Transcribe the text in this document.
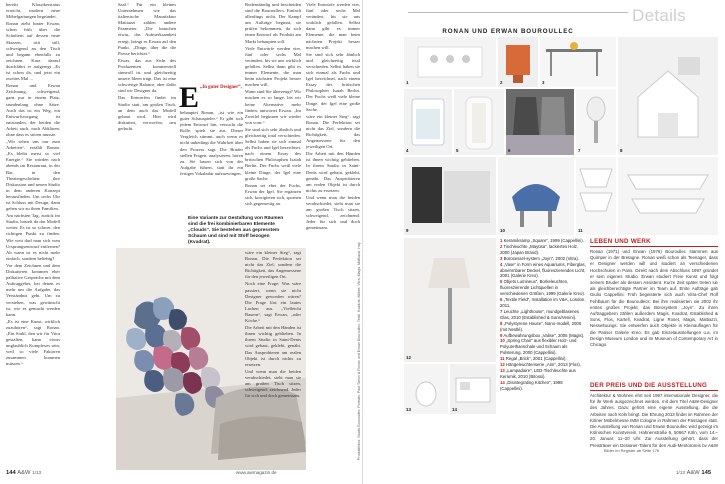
bereits Klassikerstatus erreicht, modern neue Möbelgattungen begründet.

Ronan zieht hinter Erwan, schon früh über die Schultern auf dessen neue Skizzen, tritt still, schweigend an den Tisch und begann ebenfalls zu zeichnen. Kurz darauf durchfährt er aufgeregt „Es ist schon da, und jetzt ein zweites Mal ...

Ronan und Erwan Zeichnung, schweigend, ganz pur in einem Platz, stundenlang ohne Sätze. Auch das ist ein Weg, ein Entwurfsvorgang ist entstanden, der beiden die Arbeit auch, nach Abklären, ohne dass es stören musste.

„Wir sehen uns nur zum Arbeiten“, erzählt Ronan. „Es bleibt meist so viel Energie.“ Sie würden nach abends im Restaurant, in der Bar, in den Theatergeschehen: ihre Diskussion und neuen Studio in dem anderen Konzept herausfinden. Um sechs Uhr ist Schluss mit Design, dann gehen wir zu ihren Familien.

Am nächsten Tag, zurück im Studio, bastelt da das Modell weiter. Es ist so schwer, den richtigen Punkt zu finden. Wie weit darf man sich vom Ursprungsentwurf entfernen? Ab wann ist es nicht mehr einfach, sondern beliebig?

Vor dem Zeichnen und dem Diskutieren kommen eher palliative Gespräche mit dem Auftraggeber, bei denen es mehr um die Aufgabe, das Verständnis geht. Um zu verstehen, was gewünscht ist, wie es gemacht werden kann.

„Es ist eine Kunst, wirklich zuzuhören“, sagt Ronan. „Ein Stuhl, den wir für Vitra gestalten, kann etwas unglaublich Komplexes sein, weil so viele Faktoren zusammen kommen müssen.“

Saal.“ Für ein kleines Unternehmen wie das italienische Manufaktur Mattiazzi zählen andere Parameter. „Die brauchen etwas, das Aufmerksamkeit erregt, bringt es Erwan auf den Punkt. „Dinge, über die die Presse berichtet.“

Etwas, das aus Sicht des Produzenten kommerziell sinnvoll ist und gleichzeitig unsere Ideen trägt. Das ist eine schwierige Balance, aber dafür sind wir Designer da.

Das Entwerfen findet im Studio statt, am großen Tisch, an dem auch das Modell gebaut wird. Hier wird diskutiert, verworfen, neu gedacht.

E „In guter Designer“,

behauptet Ronan, „ist wie ein guter Schauspieler.“ Er gibt sich jedem Entwurf hin, versucht die Rolle, spielt sie aus. Dieser Vergleich stimmt, auch wenn es nicht unbedingt die Wahrheit über den Prozess sagt. Die Brüder stellen Fragen, analysieren, hören zu. Sie lassen sich von der Aufgabe führen, statt ihr ein fertiges Vokabular aufzuzwingen.

Eine Variante zur Gestaltung von Räumen sind die frei kombinierbaren Elemente „Clouds“. Sie bestehen aus gepresstem Schaum und sind mit Stoff bezogen (Kvadrat).

Bodenständig und bescheiden sind die Bouroullecs. Einfach allerdings nicht. Der Kampf um Aufträge beginnt, sie prüfen bekommen, da sich einen Entwurf als Produkt am Markt behaupten soll.

Viele Entwürfe werden vier, fünf oder sechs Mal verändert, bis sie uns wirklich gefallen. Selbst dann gibt es immer Elemente, die man beim nächsten Projekt besser machen will.

Wann sind Sie überzeugt? Wir machen es so lange, bis wir keine Alternative mehr finden, antwortet Erwan. „Im Zweifel beginnen wir wieder von vorn.“

Sie sind sich sehr ähnlich und gleichzeitig total verschieden. Selbst haben sie sich einmal als Fuchs und Igel bezeichnet, nach einem Essay des britischen Philosophen Isaiah Berlin. Der Fuchs weiß viele kleine Dinge, der Igel eine große Sache.

Ronan sei eher der Fuchs, Erwan der Igel. Sie ergänzen sich, korrigieren sich, spornen sich gegenseitig an.

wäre ein kleiner Sieg“, sagt Ronan. Die Perfektion sei nicht das Ziel, sondern die Richtigkeit, das Angemessene für den jeweiligen Ort.

Noch eine Frage: Was wäre passiert, wenn sie nicht Designer geworden wären? Die Frage löst ein lautes Lachen aus. „Vielleicht Bauern“, sagt Erwan, „oder Köche.“

Die Arbeit mit den Händen ist ihnen wichtig geblieben. In ihrem Studio in Saint-Denis wird gebaut, geklebt, genäht. Das Ausprobieren am realen Objekt ist durch nichts zu ersetzen.

Und wenn man die beiden verabschiedet, sieht man sie am großen Tisch sitzen, schweigend, zeichnend. Jeder für sich und doch gemeinsam.

Viele Entwürfe werden vier, fünf oder sechs Mal verändert, bis sie uns wirklich gefallen. Selbst dann gibt es immer Elemente, die man beim nächsten Projekt besser machen will.

Sie sind sich sehr ähnlich und gleichzeitig total verschieden. Selbst haben sie sich einmal als Fuchs und Igel bezeichnet, nach einem Essay des britischen Philosophen Isaiah Berlin. Der Fuchs weiß viele kleine Dinge, der Igel eine große Sache.

wäre ein kleiner Sieg“, sagt Ronan. Die Perfektion sei nicht das Ziel, sondern die Richtigkeit, das Angemessene für den jeweiligen Ort.

Die Arbeit mit den Händen ist ihnen wichtig geblieben. In ihrem Studio in Saint-Denis wird gebaut, geklebt, genäht. Das Ausprobieren am realen Objekt ist durch nichts zu ersetzen.

Und wenn man die beiden verabschiedet, sieht man sie am großen Tisch sitzen, schweigend, zeichnend. Jeder für sich und doch gemeinsam.

Produktfotos: Studio Bouroullec; Porträts: Paul Tahon & Ronan und Erwan Bouroullec; Textil: Kvadrat; Möbel: Vitra, Magis, Mattiazzi, Hay
144 A&W 1/13	www.awmagazin.de
Details
RONAN UND ERWAN BOUROULLEC
1	2	3
4	5	6	7	8
9	10	11
12
13	14
1 Keramiksamp „Square“, 1999 (Cappellini).
2 Tischleuchte „Mayüsa“, lackiertes Holz, 2000 (Japan Brand).
3 Bürosessel-system „Joyn“, 2002 (Vitra).
4 „Vase“ in Form eines Aquariums, Fiberglas, abnehmbarer Deckel, fluoreszierendes Licht, 2001 (Galerie Kreo).
5 Objets Lumineux“, Borkeleuchten, fluoreszierende Lichtquellen in verschiedenen Größen, 1999 (Galerie Kreo).
6 „Textile Field“, Installation im V&A, London, 2011.
7 Leuchte „Lighthouse“, mundgeblasenes Glas, 2010 (Established & Sons/Venini).
8 „Polystyrene House“, Nano-modell, 2006 (mit Nestlé).
9 Aufbewahrungsbox „Valise“, 2005 (Magis).
10 „Spring Chair“ aus flexibler Holz- und Polyurethanschale und Schaum als Polsterung, 2000 (Cappellini).
11 Regal „Brick“, 2001 (Cappellini).
12 Hängeleuchtenserie „Aim“, 2013 (Flos).
13 „Lampadaire“, LED-Tischleuchte aus Keramik, 2010 (Bitossi).
14 „Disintegrating Kitchen“, 1998 (Cappellini).
LEBEN UND WERK
Ronan (1971) und Erwan (1976) Bouroullec stammen aus Quimper in der Bretagne. Ronan weiß schon als Teenager, dass er Designer werden will und studiert an verschiedenen Hochschulen in Paris. Direkt nach dem Abschluss 1997 gründet er sein eigenes Studio. Erwan studiert Freie Kunst und folgt seinem Bruder als dessen Assistent. Kurze Zeit später treten sie als gleichberechtigte Partner im Team auf. Erste Aufträge gab Giulio Cappellini. Früh begeisterte sich auch Vitra-Chef Rolf Fehlbaum für die Bouroullecs: Bei ihm realisierten sie 2002 ihr erstes großes Projekt, das Bürosystem „Joyn“. Zu ihren Auftraggebern zählen außerdem Magis, Kvadrat, Established & Sons, Flos, Kartell, Kvadrat, Ligne Roset, Magis, Mattiazzi, Nesseltuungs. Sie entwerfen auch Objekte in Kleinauflagen für die Pariser Galerie Kreo. Es gab Einzelausstellungen u.a. im Design Museum London und im Museum of Contemporary Art in Chicago.
DER PREIS UND DIE AUSSTELLUNG
Architektur & Wohnen ehrt seit 1997 internationale Designer, die für ihr Werk ausgezeichnet werden, mit dem Titel A&W-Designer des Jahres. Dazu gehört eine eigene Ausstellung, die die Arbeiten nach Köln bringt. Die Ehrung 2013 findet im Rahmen der Kölner Möbelmesse IMM Cologne in Rahmen der Passagen statt. Die Ausstellung von Ronan und Erwan Bouroullec wird gezeigt im Kölnischen Kunstverein, Hahnenstraße 6, 50667 Köln, vom 14.–20. Januar, 11–20 Uhr. Zur Ausstellung gehört, dass der Preisträger ein Designer-Talent für den Audi-Mentorpreis by A&W
Bilder im Register ab Seite 176
1/13 A&W 145
